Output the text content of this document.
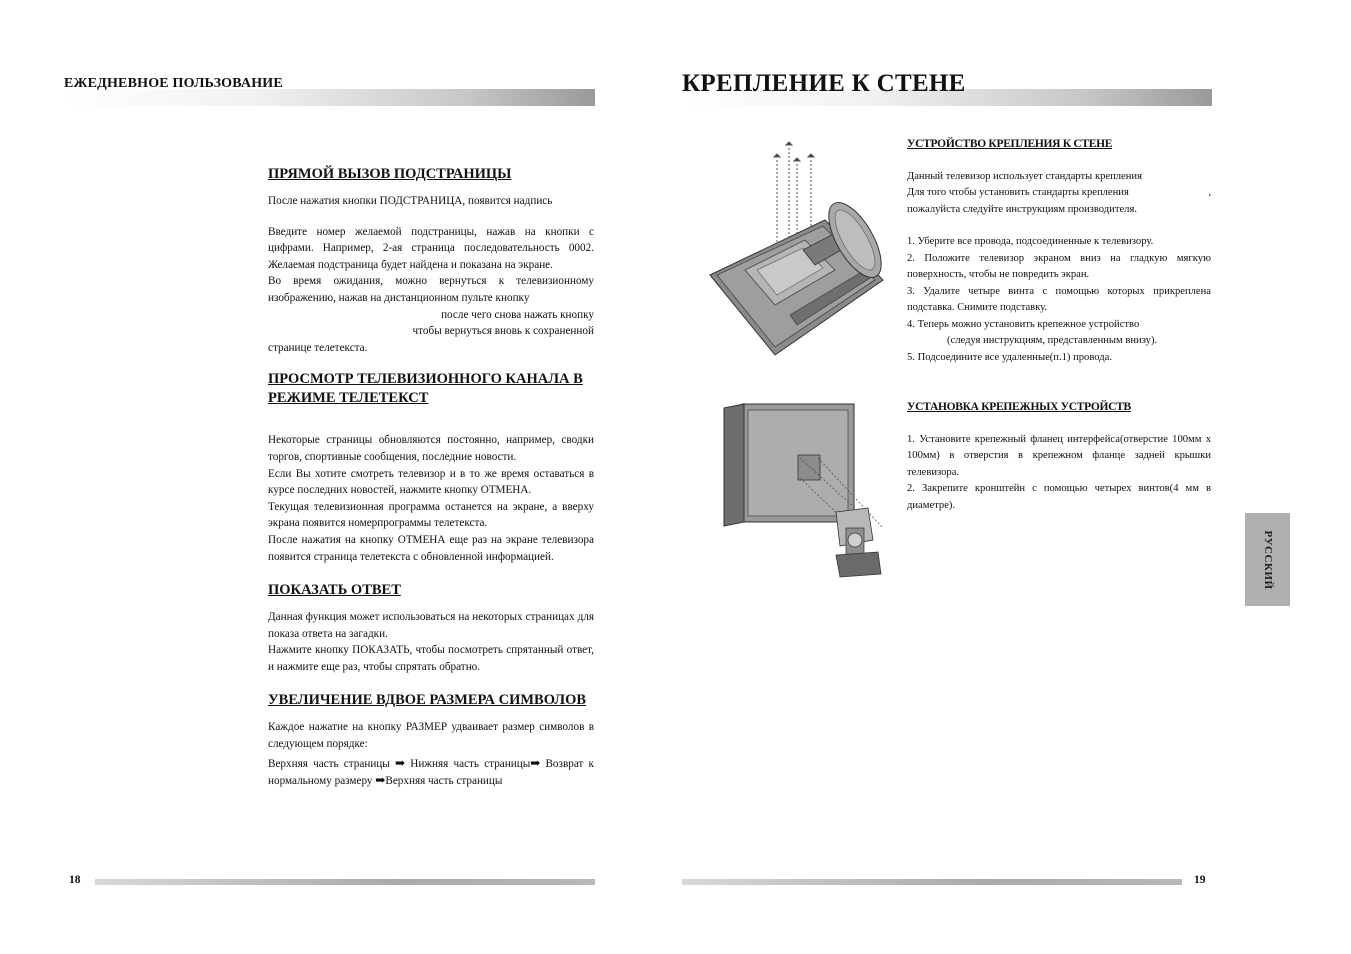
ЕЖЕДНЕВНОЕ ПОЛЬЗОВАНИЕ

ПРЯМОЙ ВЫЗОВ ПОДСТРАНИЦЫ

После нажатия кнопки ПОДСТРАНИЦА, появится надпись

Введите номер желаемой подстраницы, нажав на кнопки с цифрами. Например, 2-ая страница последовательность 0002. Желаемая подстраница будет найдена и показана на экране.

Во время ожидания, можно вернуться к телевизионному изображению, нажав на дистанционном пульте кнопку

после чего снова нажать кнопку

чтобы вернуться вновь к сохраненной

странице телетекста.

ПРОСМОТР ТЕЛЕВИЗИОННОГО КАНАЛА В РЕЖИМЕ ТЕЛЕТЕКСТ

Некоторые страницы обновляются постоянно, например, сводки торгов, спортивные сообщения, последние новости.

Если Вы хотите смотреть телевизор и в то же время оставаться в курсе последних новостей, нажмите кнопку ОТМЕНА.

Текущая телевизионная программа останется на экране, а вверху экрана появится номерпрограммы телетекста.

После нажатия на кнопку ОТМЕНА еще раз на экране телевизора появится страница телетекста с обновленной информацией.

ПОКАЗАТЬ ОТВЕТ

Данная функция может использоваться на некоторых страницах для показа ответа на загадки.

Нажмите кнопку ПОКАЗАТЬ, чтобы посмотреть спрятанный ответ, и нажмите еще раз, чтобы спрятать обратно.

УВЕЛИЧЕНИЕ ВДВОЕ РАЗМЕРА СИМВОЛОВ

Каждое нажатие на кнопку РАЗМЕР удваивает размер символов в следующем порядке:

Верхняя часть страницы ➡ Нижняя часть страницы➡ Возврат к нормальному размеру ➡Верхняя часть страницы

18
КРЕПЛЕНИЕ К СТЕНЕ

УСТРОЙСТВО КРЕПЛЕНИЯ К СТЕНЕ

Данный телевизор использует стандарты крепления

Для того чтобы установить стандарты крепления	,

пожалуйста следуйте инструкциям производителя.

1. Уберите все провода, подсоединенные к телевизору.

2. Положите телевизор экраном вниз на гладкую мягкую поверхность, чтобы не повредить экран.

3. Удалите четыре винта с помощью которых прикреплена подставка. Снимите подставку.

4. Теперь можно установить крепежное устройство

(следуя инструкциям, представленным внизу).

5. Подсоедините все удаленные(п.1) провода.

УСТАНОВКА КРЕПЕЖНЫХ УСТРОЙСТВ

1. Установите крепежный фланец интерфейса(отверстие 100мм x 100мм) в отверстия в крепежном фланце задней крышки телевизора.

2. Закрепите кронштейн с помощью четырех винтов(4 мм в диаметре).

РУССКИЙ
19
